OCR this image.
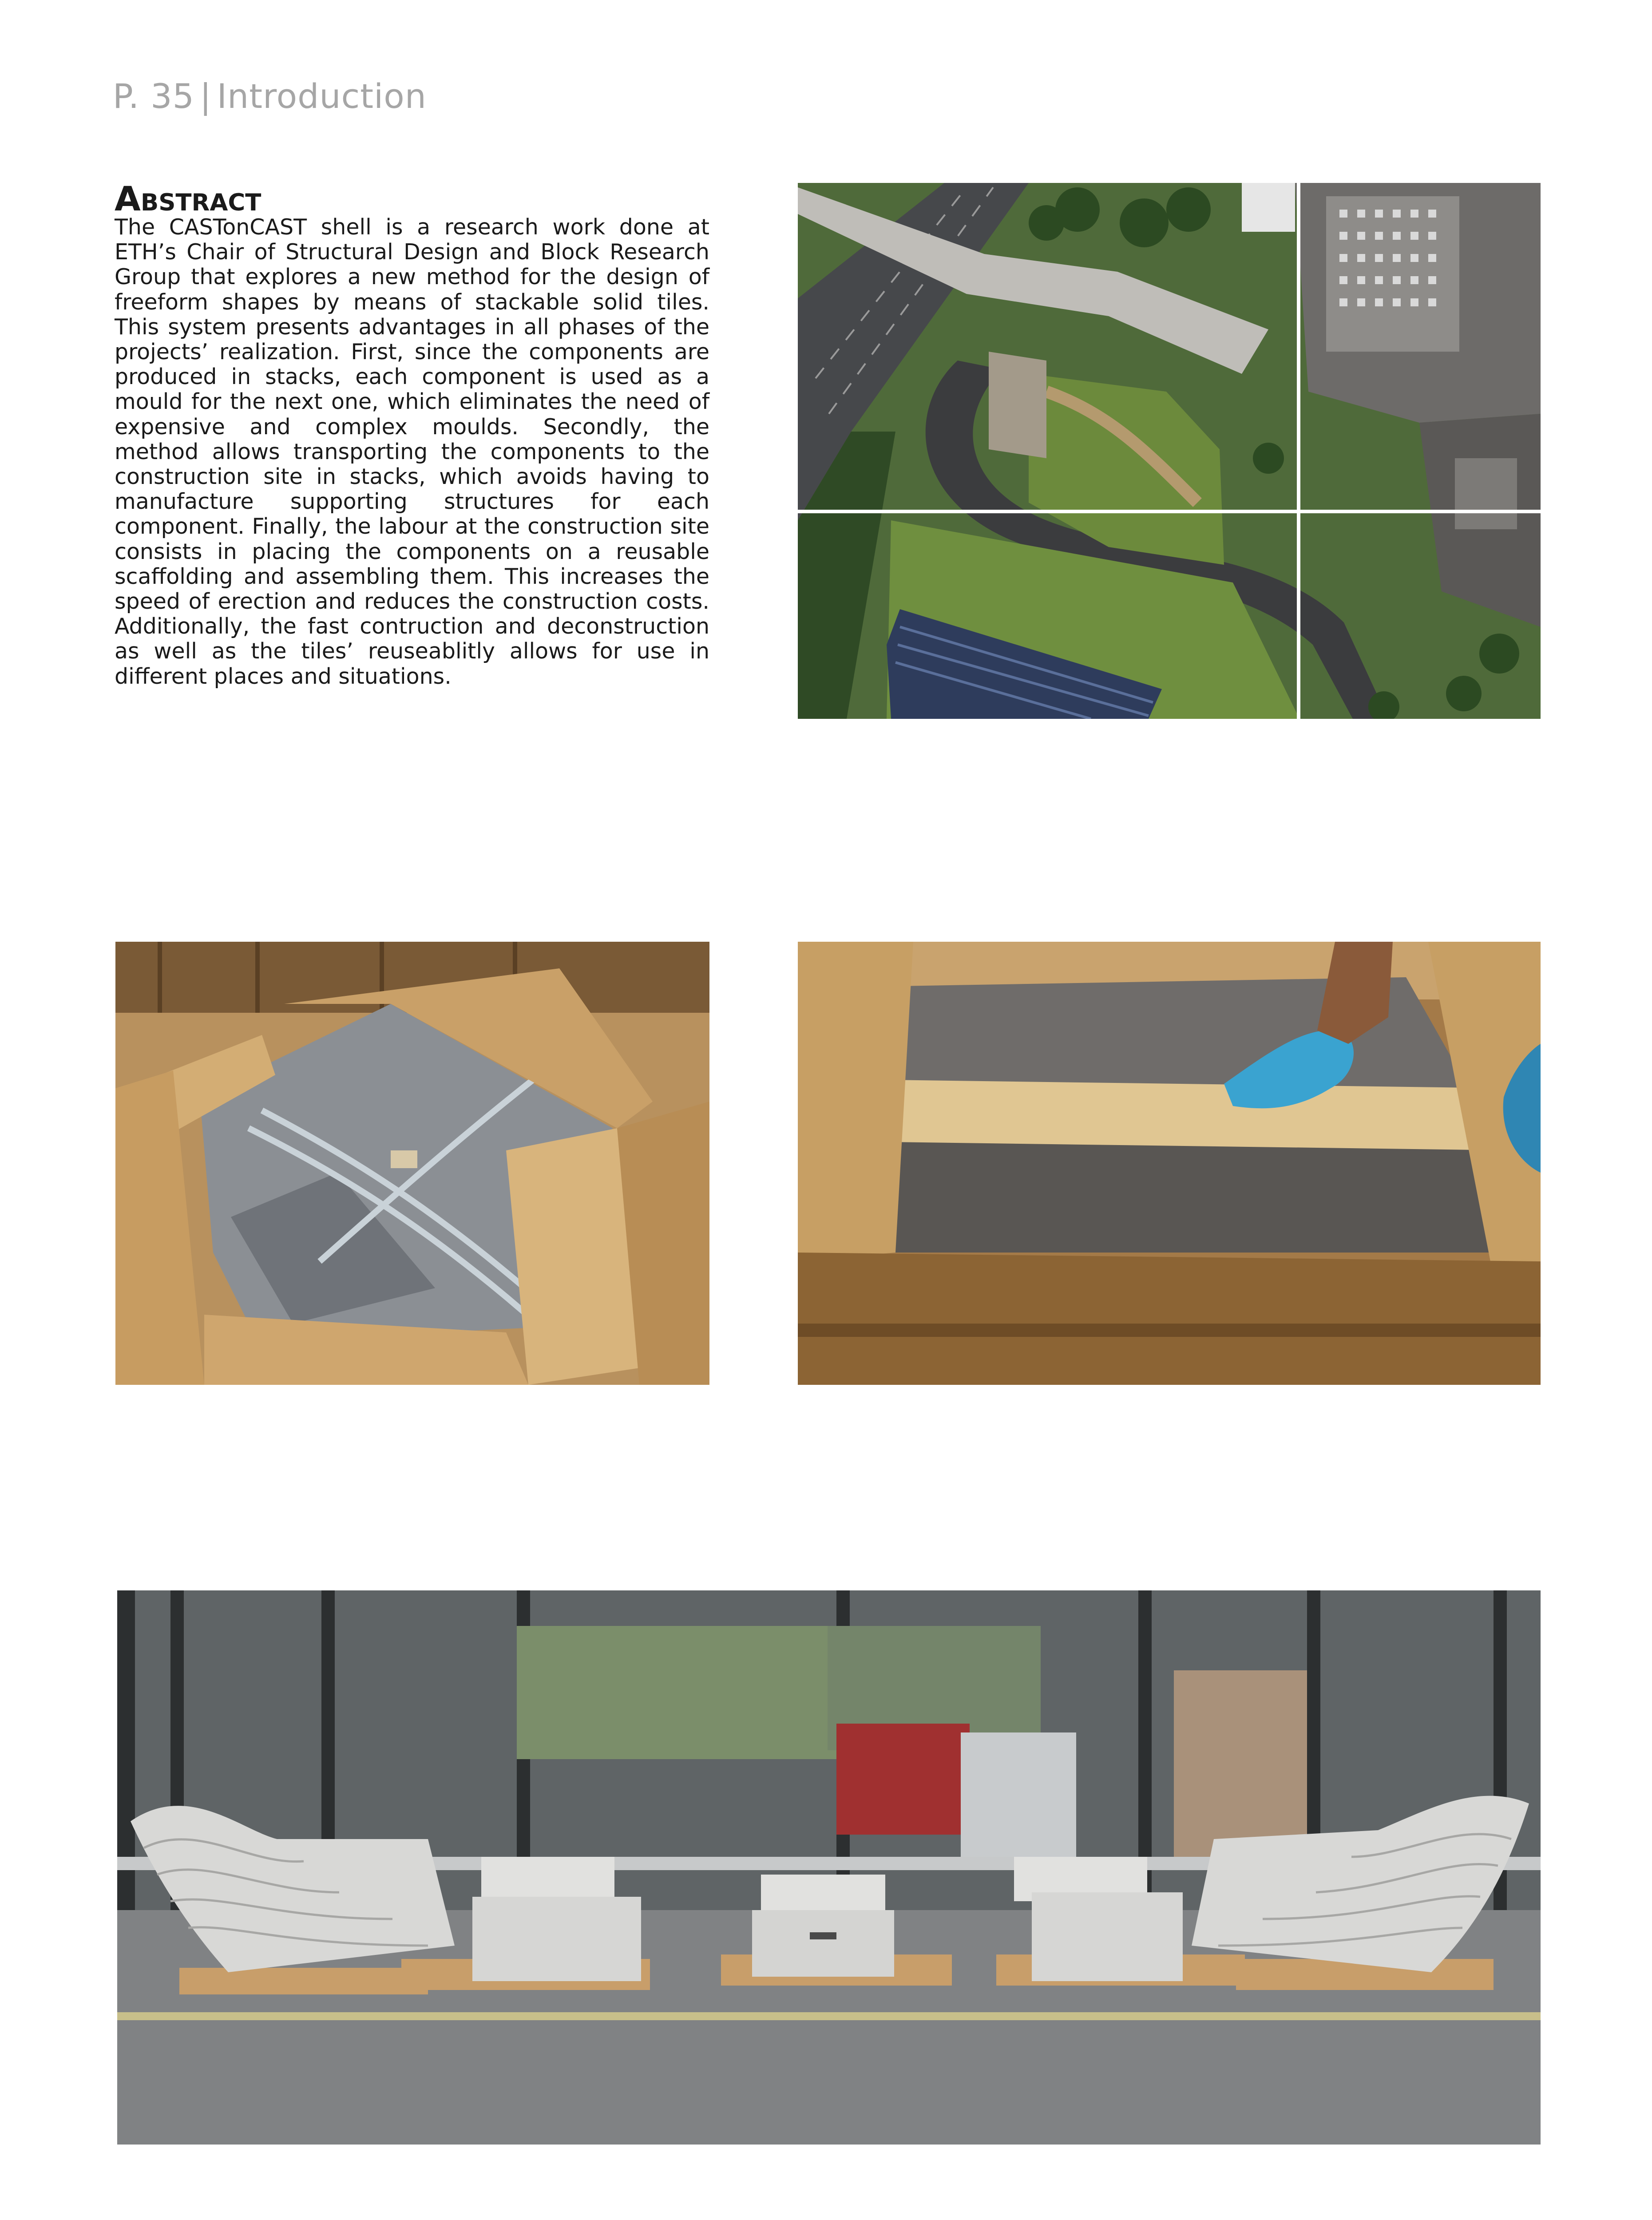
P. 35 | Introduction
Abstract

The CASTonCAST shell is a research work done at ETH’s Chair of Structural Design and Block Research Group that explores a new method for the design of freeform shapes by means of stackable solid tiles. This system presents advantages in all phases of the projects’ realization. First, since the components are produced in stacks, each component is used as a mould for the next one, which eliminates the need of expensive and complex moulds. Secondly, the method allows transporting the components to the construction site in stacks, which avoids having to manufacture supporting structures for each component. Finally, the labour at the construction site consists in placing the components on a reusable scaffolding and assembling them. This increases the speed of erection and reduces the construction costs. Additionally, the fast contruction and deconstruction as well as the tiles’ reuseablitly allows for use in different places and situations.
